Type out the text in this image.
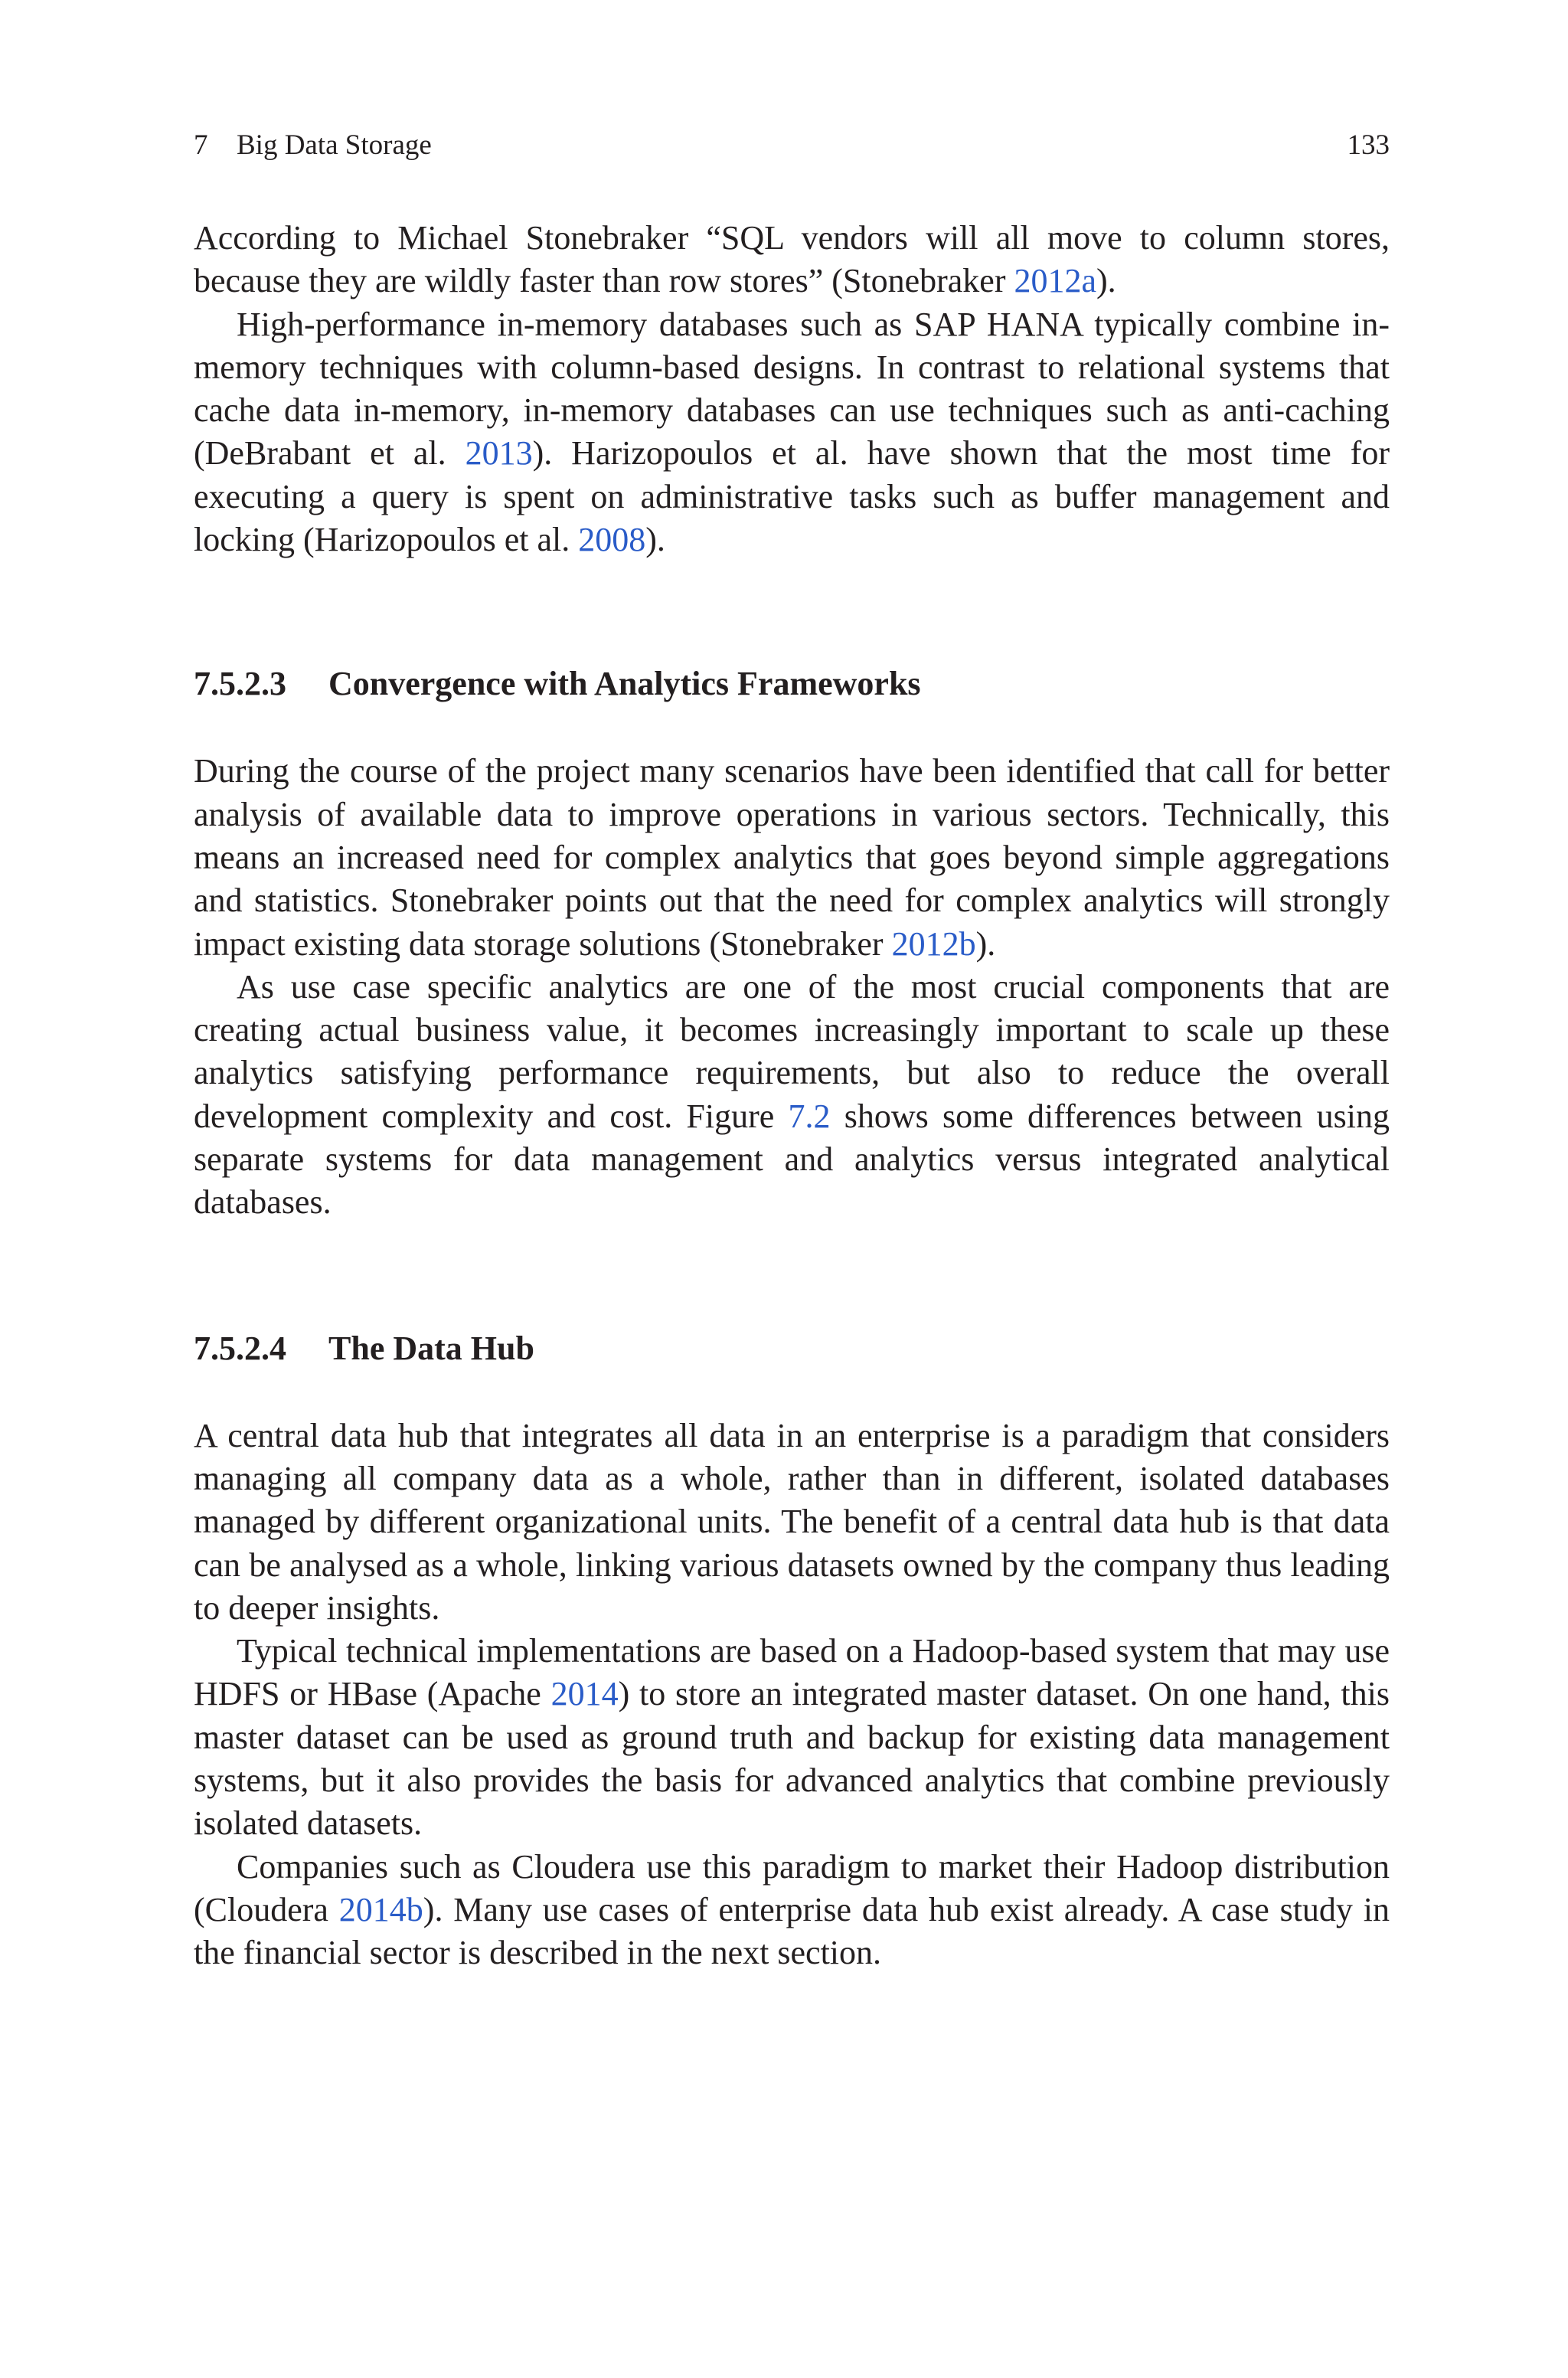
7 Big Data Storage	133

According to Michael Stonebraker “SQL vendors will all move to column stores, because they are wildly faster than row stores” (Stonebraker 2012a).

High-performance in-memory databases such as SAP HANA typically combine in-memory techniques with column-based designs. In contrast to relational systems that cache data in-memory, in-memory databases can use techniques such as anti-caching (DeBrabant et al. 2013). Harizopoulos et al. have shown that the most time for executing a query is spent on administrative tasks such as buffer management and locking (Harizopoulos et al. 2008).

7.5.2.3 Convergence with Analytics Frameworks

During the course of the project many scenarios have been identified that call for better analysis of available data to improve operations in various sectors. Technically, this means an increased need for complex analytics that goes beyond simple aggregations and statistics. Stonebraker points out that the need for complex analytics will strongly impact existing data storage solutions (Stonebraker 2012b).

As use case specific analytics are one of the most crucial components that are creating actual business value, it becomes increasingly important to scale up these analytics satisfying performance requirements, but also to reduce the overall development complexity and cost. Figure 7.2 shows some differences between using separate systems for data management and analytics versus integrated analytical databases.

7.5.2.4 The Data Hub

A central data hub that integrates all data in an enterprise is a paradigm that considers managing all company data as a whole, rather than in different, isolated databases managed by different organizational units. The benefit of a central data hub is that data can be analysed as a whole, linking various datasets owned by the company thus leading to deeper insights.

Typical technical implementations are based on a Hadoop-based system that may use HDFS or HBase (Apache 2014) to store an integrated master dataset. On one hand, this master dataset can be used as ground truth and backup for existing data management systems, but it also provides the basis for advanced analytics that combine previously isolated datasets.

Companies such as Cloudera use this paradigm to market their Hadoop distribution (Cloudera 2014b). Many use cases of enterprise data hub exist already. A case study in the financial sector is described in the next section.
